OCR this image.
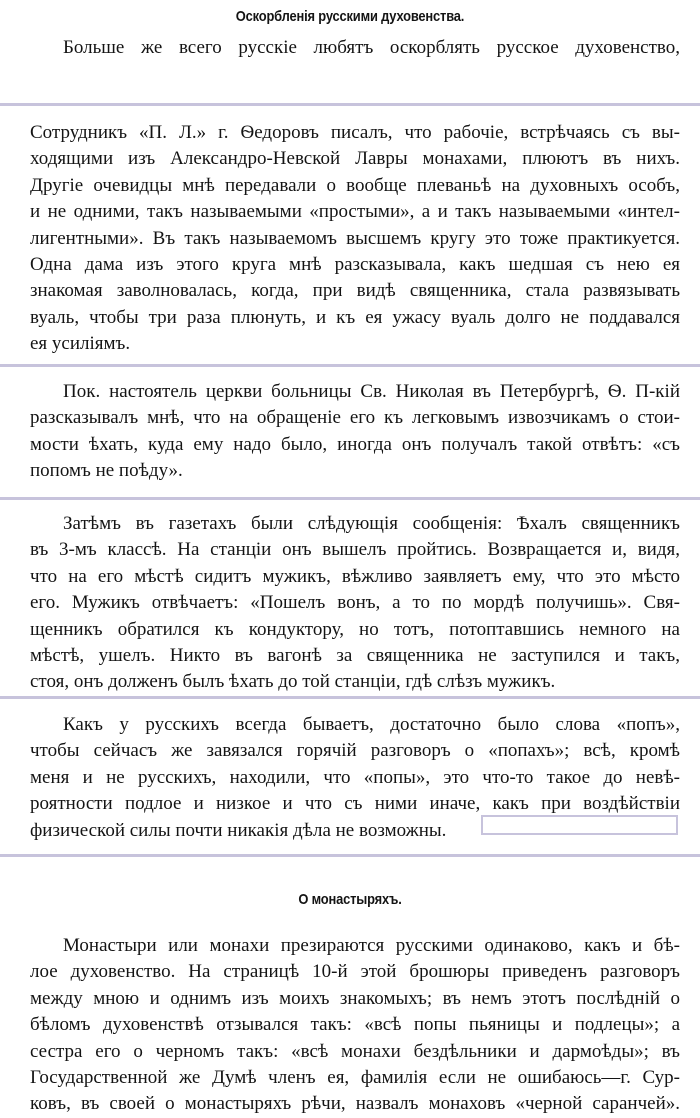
Оскорбленія русскими духовенства.
Больше же всего русскіе любятъ оскорблять русское духовенство,
Сотрудникъ «П. Л.» г. Ѳедоровъ писалъ, что рабочіе, встрѣчаясь съ вы-
ходящими изъ Александро-Невской Лавры монахами, плюютъ въ нихъ.
Другіе очевидцы мнѣ передавали о вообще плеваньѣ на духовныхъ особъ,
и не одними, такъ называемыми «простыми», а и такъ называемыми «интел-
лигентными». Въ такъ называемомъ высшемъ кругу это тоже практикуется.
Одна дама изъ этого круга мнѣ разсказывала, какъ шедшая съ нею ея
знакомая заволновалась, когда, при видѣ священника, стала развязывать
вуаль, чтобы три раза плюнуть, и къ ея ужасу вуаль долго не поддавался
ея усиліямъ.
Пок. настоятель церкви больницы Св. Николая въ Петербургѣ, Ѳ. П-кій
разсказывалъ мнѣ, что на обращеніе его къ легковымъ извозчикамъ о стои-
мости ѣхать, куда ему надо было, иногда онъ получалъ такой отвѣтъ: «съ
попомъ не поѣду».
Затѣмъ въ газетахъ были слѣдующія сообщенія: Ѣхалъ священникъ
въ 3-мъ классѣ. На станціи онъ вышелъ пройтись. Возвращается и, видя,
что на его мѣстѣ сидитъ мужикъ, вѣжливо заявляетъ ему, что это мѣсто
его. Мужикъ отвѣчаетъ: «Пошелъ вонъ, а то по мордѣ получишь». Свя-
щенникъ обратился къ кондуктору, но тотъ, потоптавшись немного на
мѣстѣ, ушелъ. Никто въ вагонѣ за священника не заступился и такъ,
стоя, онъ долженъ былъ ѣхать до той станціи, гдѣ слѣзъ мужикъ.
Какъ у русскихъ всегда бываетъ, достаточно было слова «попъ»,
чтобы сейчасъ же завязался горячій разговоръ о «попахъ»; всѣ, кромѣ
меня и не русскихъ, находили, что «попы», это что-то такое до невѣ-
роятности подлое и низкое и что съ ними иначе, какъ при воздѣйствіи
физической силы почти никакія дѣла не возможны.
О монастыряхъ.
Монастыри или монахи презираются русскими одинаково, какъ и бѣ-
лое духовенство. На страницѣ 10-й этой брошюры приведенъ разговоръ
между мною и однимъ изъ моихъ знакомыхъ; въ немъ этотъ послѣдній о
бѣломъ духовенствѣ отзывался такъ: «всѣ попы пьяницы и подлецы»; а
сестра его о черномъ такъ: «всѣ монахи бездѣльники и дармоѣды»; въ
Государственной же Думѣ членъ ея, фамилія если не ошибаюсь—г. Сур-
ковъ, въ своей о монастыряхъ рѣчи, назвалъ монаховъ «черной саранчей».
